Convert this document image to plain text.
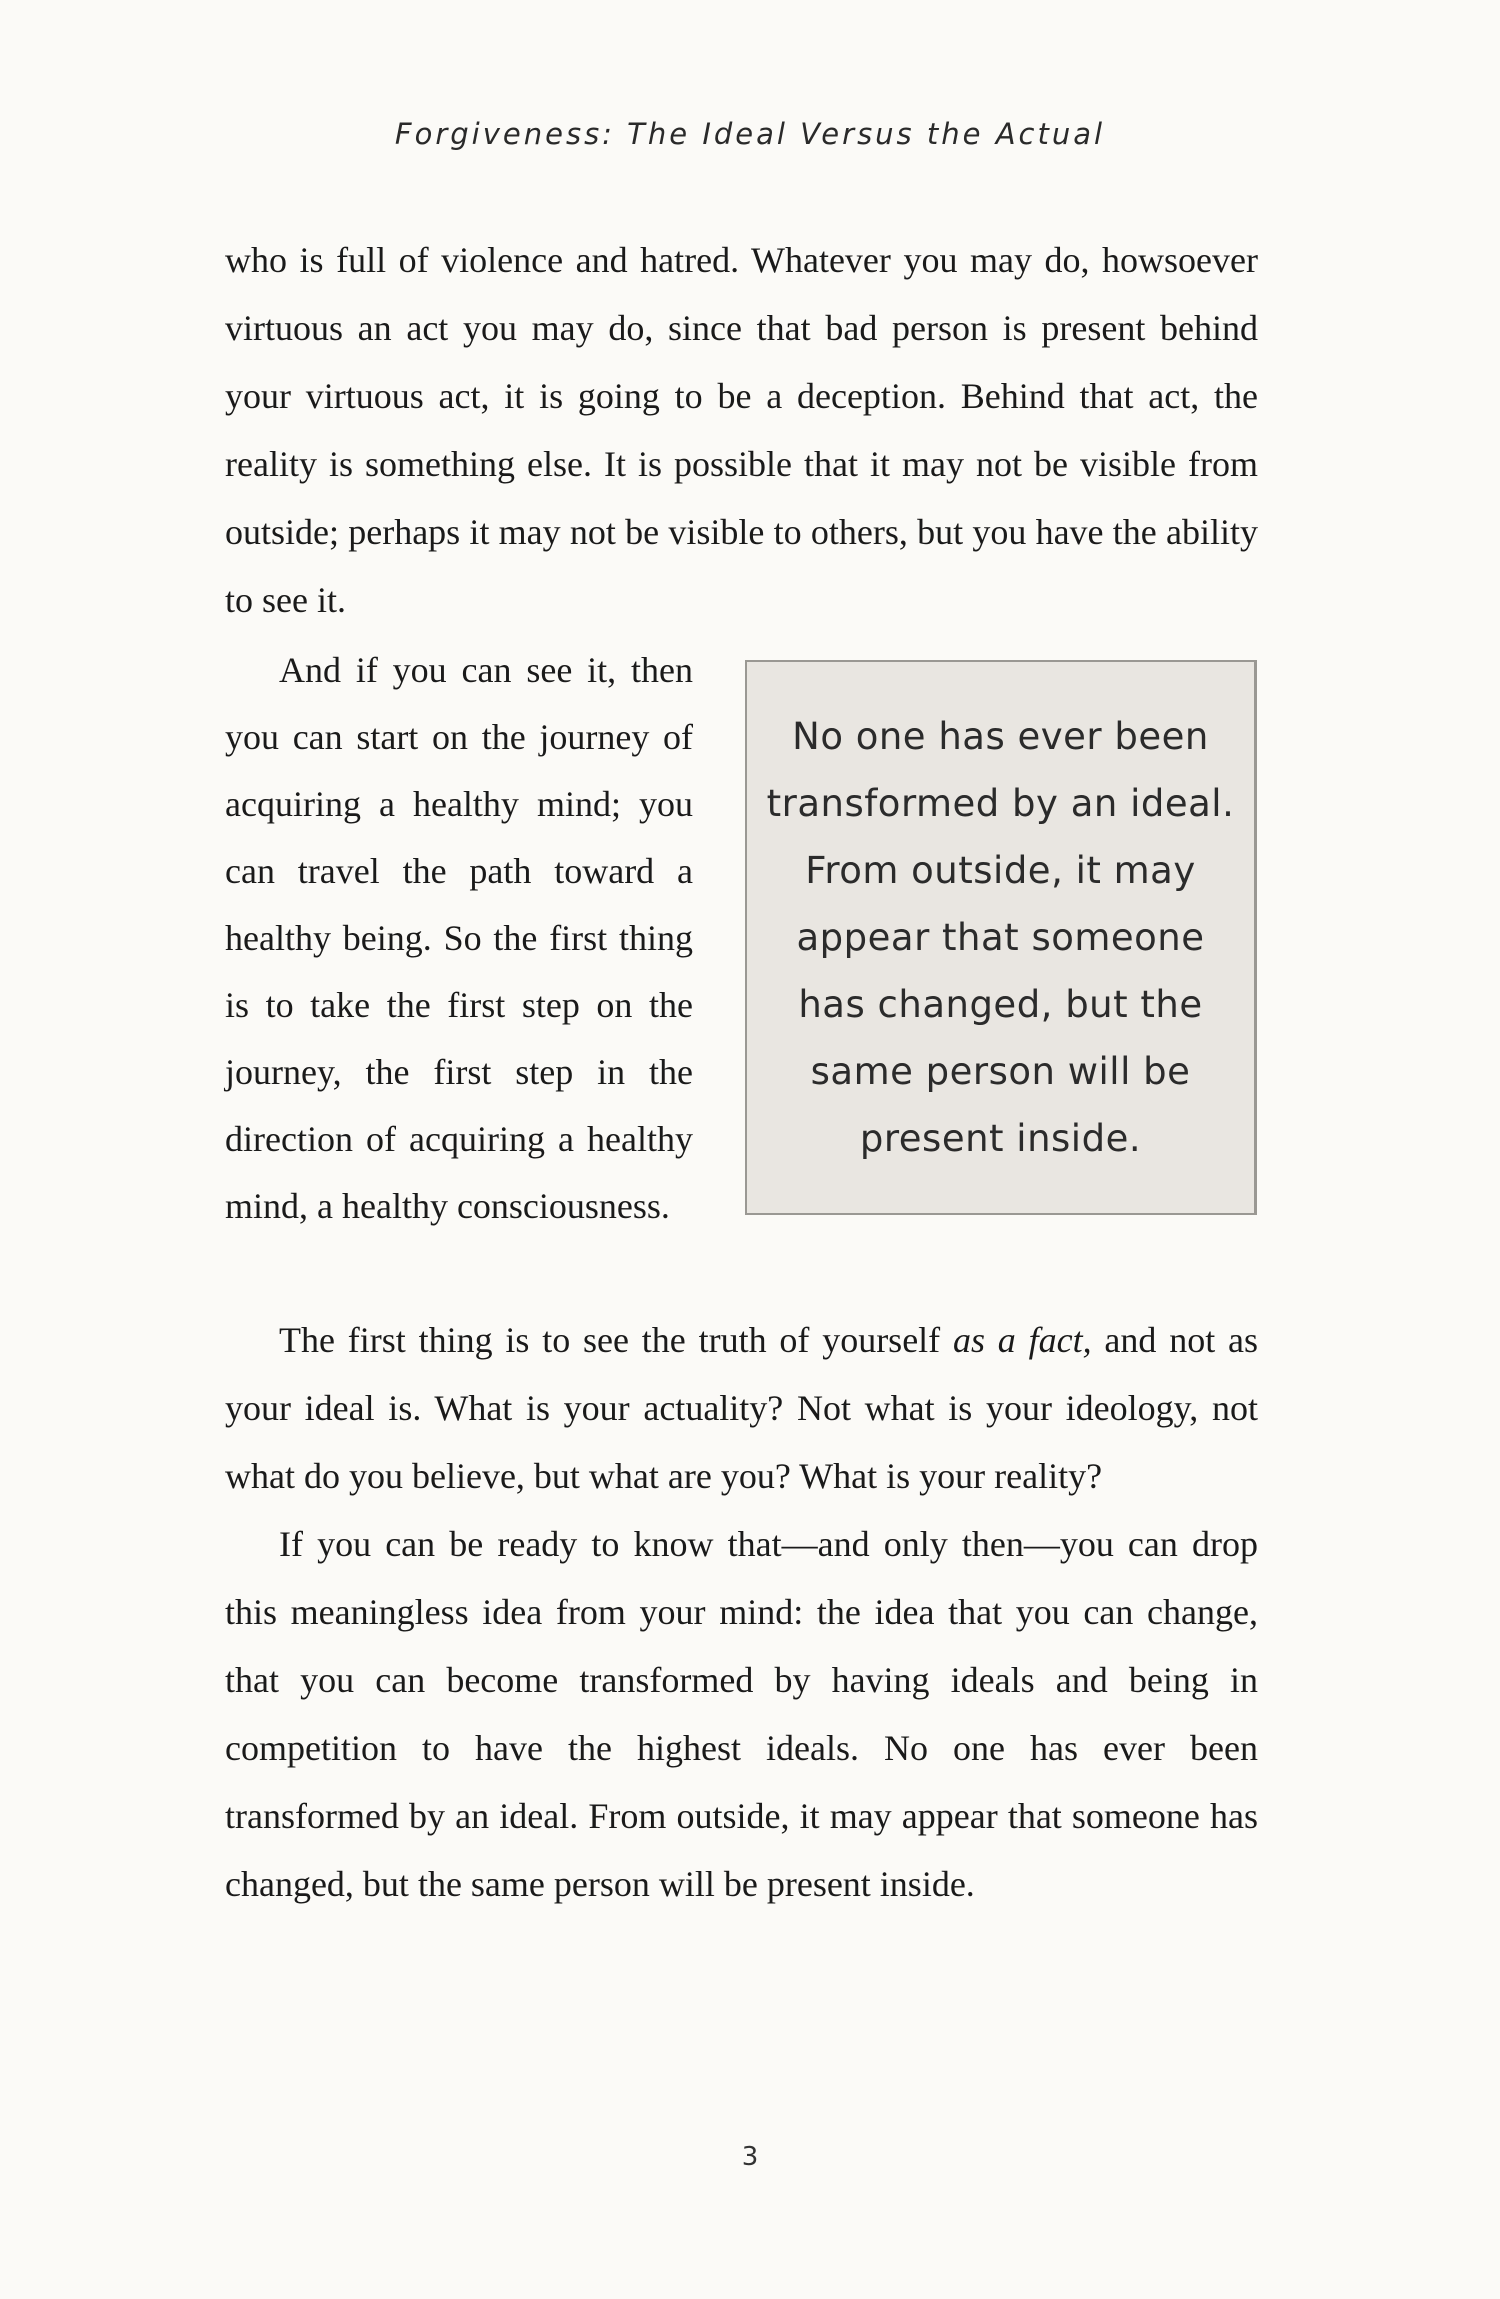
Forgiveness: The Ideal Versus the Actual

who is full of violence and hatred. Whatever you may do, howsoever virtuous an act you may do, since that bad person is present behind your virtuous act, it is going to be a deception. Behind that act, the reality is something else. It is possible that it may not be visible from outside; perhaps it may not be visible to others, but you have the ability to see it.

And if you can see it, then you can start on the journey of acquiring a healthy mind; you can travel the path toward a healthy being. So the first thing is to take the first step on the journey, the first step in the direction of acquiring a healthy mind, a healthy consciousness.

No one has ever been transformed by an ideal. From outside, it may appear that someone has changed, but the same person will be present inside.

The first thing is to see the truth of yourself as a fact, and not as your ideal is. What is your actuality? Not what is your ideology, not what do you believe, but what are you? What is your reality?

If you can be ready to know that—and only then—you can drop this meaningless idea from your mind: the idea that you can change, that you can become transformed by having ideals and being in competition to have the highest ideals. No one has ever been transformed by an ideal. From outside, it may appear that someone has changed, but the same person will be present inside.

3
